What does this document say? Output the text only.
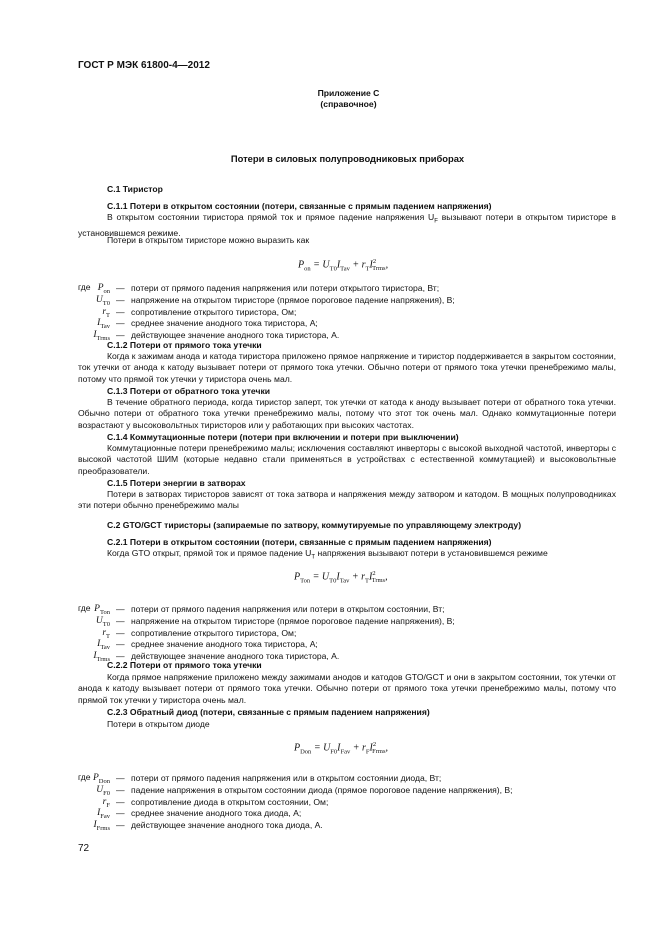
ГОСТ Р МЭК 61800-4—2012
Приложение С
(справочное)
Потери в силовых полупроводниковых приборах
С.1 Тиристор
С.1.1 Потери в открытом состоянии (потери, связанные с прямым падением напряжения)
В открытом состоянии тиристора прямой ток и прямое падение напряжения $U_F$ вызывают потери в открытом тиристоре в установившемся режиме.
Потери в открытом тиристоре можно выразить как
$P_{on} = U_{T0}I_{Tav} + r_TI^2_{Trms}$,
где $P_{on}$ — потери от прямого падения напряжения или потери открытого тиристора, Вт;
$U_{T0}$ — напряжение на открытом тиристоре (прямое пороговое падение напряжения), В;
$r_T$ — сопротивление открытого тиристора, Ом;
$I_{Tav}$ — среднее значение анодного тока тиристора, А;
$I_{Trms}$ — действующее значение анодного тока тиристора, А.
С.1.2 Потери от прямого тока утечки
Когда к зажимам анода и катода тиристора приложено прямое напряжение и тиристор поддерживается в закрытом состоянии, ток утечки от анода к катоду вызывает потери от прямого тока утечки. Обычно потери от прямого тока утечки пренебрежимо малы, потому что прямой ток утечки у тиристора очень мал.
С.1.3 Потери от обратного тока утечки
В течение обратного периода, когда тиристор заперт, ток утечки от катода к аноду вызывает потери от обратного тока утечки. Обычно потери от обратного тока утечки пренебрежимо малы, потому что этот ток очень мал. Однако коммутационные потери возрастают у высоковольтных тиристоров или у работающих при высоких частотах.
С.1.4 Коммутационные потери (потери при включении и потери при выключении)
Коммутационные потери пренебрежимо малы; исключения составляют инверторы с высокой выходной частотой, инверторы с высокой частотой ШИМ (которые недавно стали применяться в устройствах с естественной коммутацией) и высоковольтные преобразователи.
С.1.5 Потери энергии в затворах
Потери в затворах тиристоров зависят от тока затвора и напряжения между затвором и катодом. В мощных полупроводниках эти потери обычно пренебрежимо малы
С.2 GTO/GCT тиристоры (запираемые по затвору, коммутируемые по управляющему электроду)
С.2.1 Потери в открытом состоянии (потери, связанные с прямым падением напряжения)
Когда GTO открыт, прямой ток и прямое падение $U_T$ напряжения вызывают потери в установившемся режиме
$P_{Ton} = U_{T0}I_{Tav} + r_TI^2_{Trms}$,
где $P_{Ton}$ — потери от прямого падения напряжения или потери в открытом состоянии, Вт;
$U_{T0}$ — напряжение на открытом тиристоре (прямое пороговое падение напряжения), В;
$r_T$ — сопротивление открытого тиристора, Ом;
$I_{Tav}$ — среднее значение анодного тока тиристора, А;
$I_{Trms}$ — действующее значение анодного тока тиристора, А.
С.2.2 Потери от прямого тока утечки
Когда прямое напряжение приложено между зажимами анодов и катодов GTO/GCT и они в закрытом состоянии, ток утечки от анода к катоду вызывает потери от прямого тока утечки. Обычно потери от прямого тока утечки пренебрежимо малы, потому что прямой ток утечки у тиристора очень мал.
С.2.3 Обратный диод (потери, связанные с прямым падением напряжения)
Потери в открытом диоде
$P_{Don} = U_{F0}I_{Fav} + r_FI^2_{Frms}$,
где $P_{Don}$ — потери от прямого падения напряжения или в открытом состоянии диода, Вт;
$U_{F0}$ — падение напряжения в открытом состоянии диода (прямое пороговое падение напряжения), В;
$r_F$ — сопротивление диода в открытом состоянии, Ом;
$I_{Fav}$ — среднее значение анодного тока диода, А;
$I_{Frms}$ — действующее значение анодного тока диода, А.
72
